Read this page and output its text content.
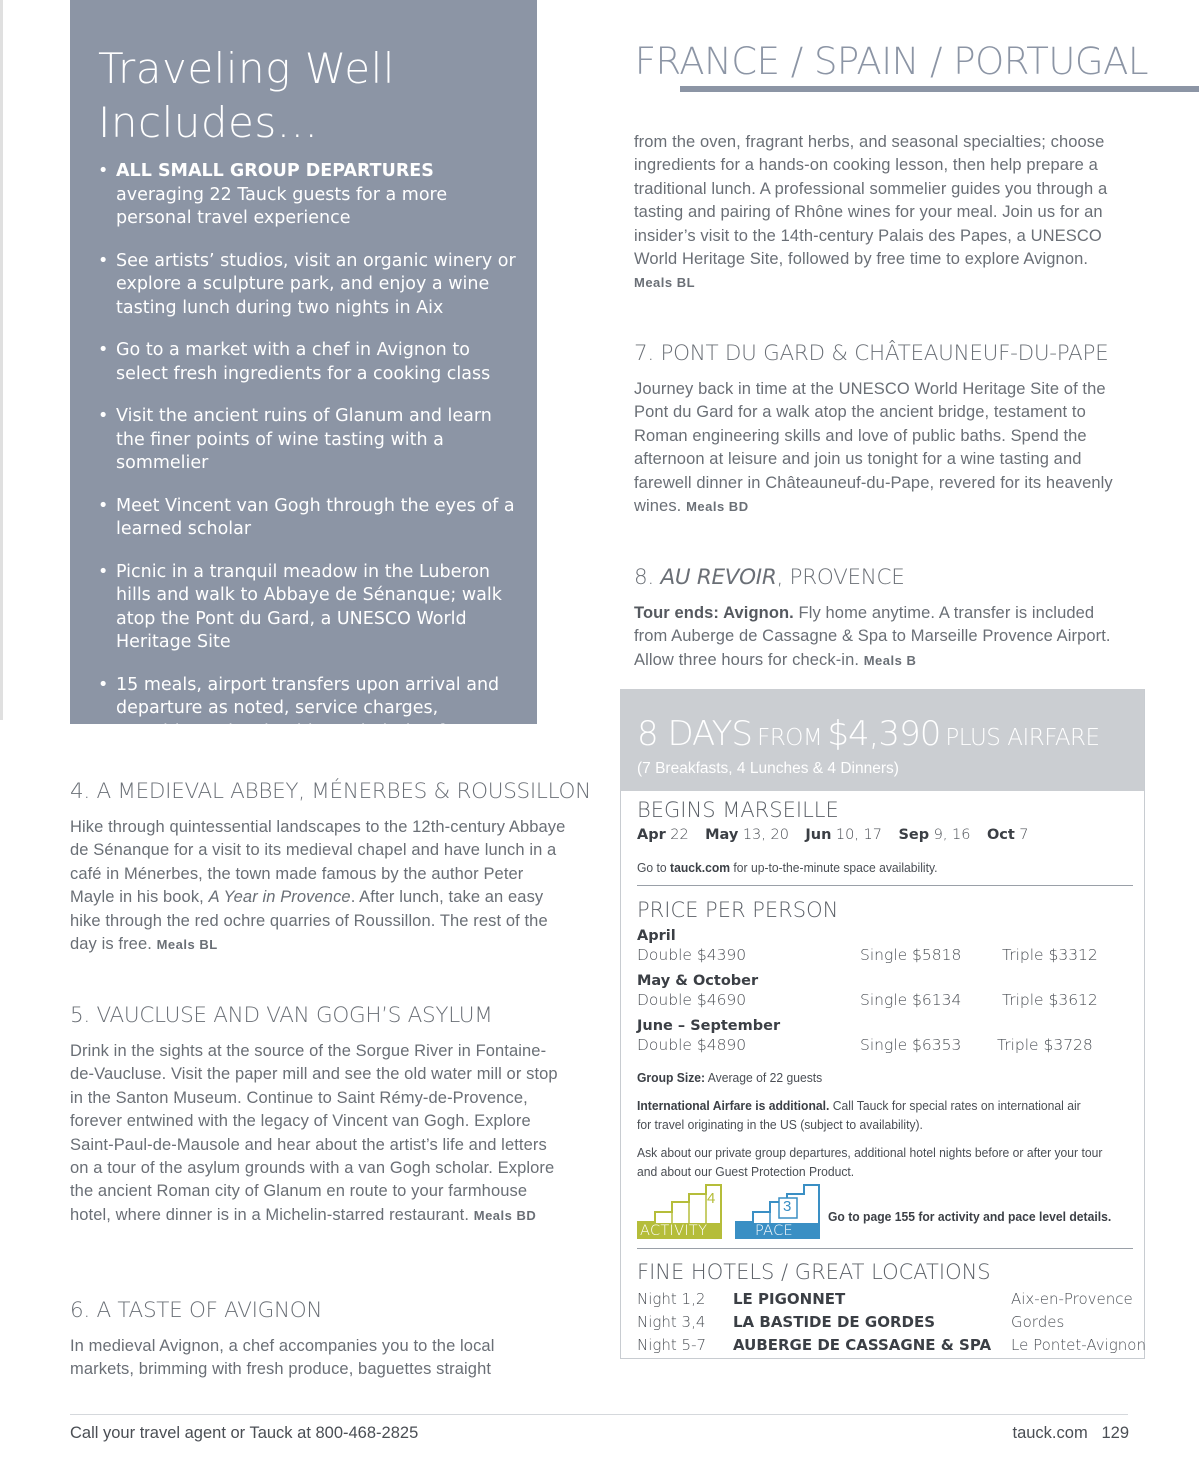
Traveling Well
Includes...
• ALL SMALL GROUP DEPARTURES averaging 22 Tauck guests for a more personal travel experience
• See artists’ studios, visit an organic winery or explore a sculpture park, and enjoy a wine tasting lunch during two nights in Aix
• Go to a market with a chef in Avignon to select fresh ingredients for a cooking class
• Visit the ancient ruins of Glanum and learn the finer points of wine tasting with a sommelier
• Meet Vincent van Gogh through the eyes of a learned scholar
• Picnic in a tranquil meadow in the Luberon hills and walk to Abbaye de Sénanque; walk atop the Pont du Gard, a UNESCO World Heritage Site
• 15 meals, airport transfers upon arrival and departure as noted, service charges, gratuities to local guides, admission fees, taxes and porterage
FRANCE / SPAIN / PORTUGAL
4. A MEDIEVAL ABBEY, MÉNERBES & ROUSSILLON

Hike through quintessential landscapes to the 12th-century Abbaye de Sénanque for a visit to its medieval chapel and have lunch in a café in Ménerbes, the town made famous by the author Peter Mayle in his book, A Year in Provence. After lunch, take an easy hike through the red ochre quarries of Roussillon. The rest of the day is free. Meals BL

5. VAUCLUSE AND VAN GOGH’S ASYLUM

Drink in the sights at the source of the Sorgue River in Fontaine-de-Vaucluse. Visit the paper mill and see the old water mill or stop in the Santon Museum. Continue to Saint Rémy-de-Provence, forever entwined with the legacy of Vincent van Gogh. Explore Saint-Paul-de-Mausole and hear about the artist’s life and letters on a tour of the asylum grounds with a van Gogh scholar. Explore the ancient Roman city of Glanum en route to your farmhouse hotel, where dinner is in a Michelin-starred restaurant. Meals BD

6. A TASTE OF AVIGNON

In medieval Avignon, a chef accompanies you to the local markets, brimming with fresh produce, baguettes straight

from the oven, fragrant herbs, and seasonal specialties; choose ingredients for a hands-on cooking lesson, then help prepare a traditional lunch. A professional sommelier guides you through a tasting and pairing of Rhône wines for your meal. Join us for an insider’s visit to the 14th-century Palais des Papes, a UNESCO World Heritage Site, followed by free time to explore Avignon. Meals BL

7. PONT DU GARD & CHÂTEAUNEUF-DU-PAPE

Journey back in time at the UNESCO World Heritage Site of the Pont du Gard for a walk atop the ancient bridge, testament to Roman engineering skills and love of public baths. Spend the afternoon at leisure and join us tonight for a wine tasting and farewell dinner in Châteauneuf-du-Pape, revered for its heavenly wines. Meals BD

8. AU REVOIR, PROVENCE

Tour ends: Avignon. Fly home anytime. A transfer is included from Auberge de Cassagne & Spa to Marseille Provence Airport. Allow three hours for check-in. Meals B

8 DAYS FROM $4,390 PLUS AIRFARE
(7 Breakfasts, 4 Lunches & 4 Dinners)
BEGINS MARSEILLE
Apr 22 May 13, 20 Jun 10, 17 Sep 9, 16 Oct 7
Go to tauck.com for up-to-the-minute space availability.
PRICE PER PERSON
April
Double $4390	Single $5818	Triple $3312
May & October
Double $4690	Single $6134	Triple $3612
June – September
Double $4890	Single $6353 Triple $3728
Group Size: Average of 22 guests
International Airfare is additional. Call Tauck for special rates on international air
for travel originating in the US (subject to availability).
Ask about our private group departures, additional hotel nights before or after your tour
and about our Guest Protection Product.
4
ACTIVITY
3
PACE
Go to page 155 for activity and pace level details.
FINE HOTELS / GREAT LOCATIONS
Night 1,2 LE PIGONNET	Aix-en-Provence
Night 3,4 LA BASTIDE DE GORDES	Gordes
Night 5-7 AUBERGE DE CASSAGNE & SPA Le Pontet-Avignon
Call your travel agent or Tauck at 800-468-2825	tauck.com 129
